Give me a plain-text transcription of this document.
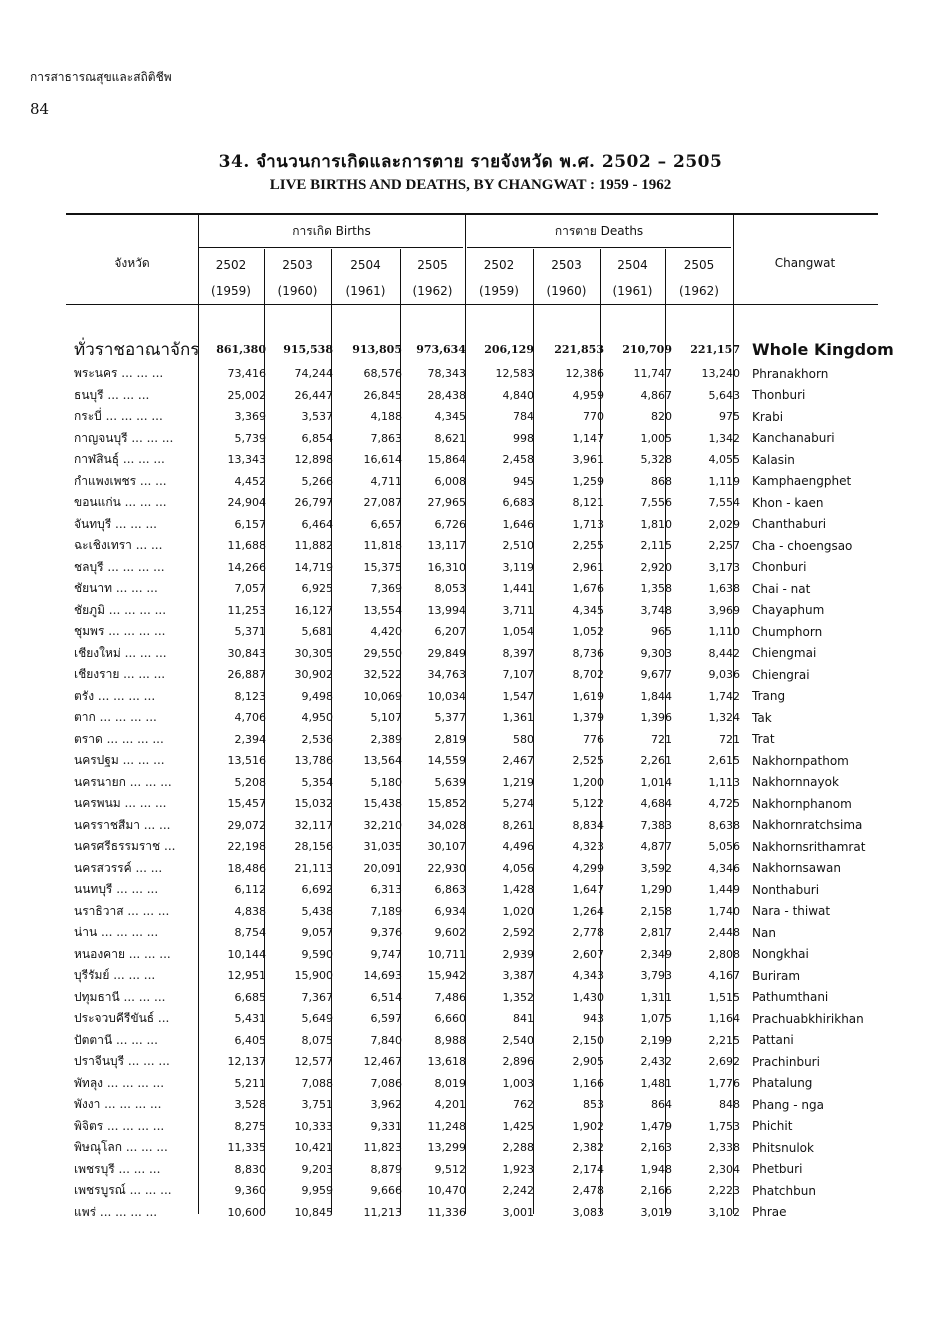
การสาธารณสุขและสถิติชีพ
84
34. จำนวนการเกิดและการตาย รายจังหวัด พ.ศ. 2502 – 2505
LIVE BIRTHS AND DEATHS, BY CHANGWAT : 1959 - 1962
จังหวัด	Changwat
การเกิด Births	การตาย Deaths
2502	2503	2504	2505	2502	2503	2504	2505
(1959)	(1960)	(1961)	(1962)	(1959)	(1960)	(1961)	(1962)
ทั่วราชอาณาจักร	861,380	915,538	913,805	973,634	206,129	221,853	210,709	221,157	Whole Kingdom
พระนคร ... ... ...	73,416	74,244	68,576	78,343	12,583	12,386	11,747	13,240	Phranakhorn
ธนบุรี ... ... ...	25,002	26,447	26,845	28,438	4,840	4,959	4,867	5,643	Thonburi
กระบี่ ... ... ... ...	3,369	3,537	4,188	4,345	784	770	820	975	Krabi
กาญจนบุรี ... ... ...	5,739	6,854	7,863	8,621	998	1,147	1,005	1,342	Kanchanaburi
กาฬสินธุ์ ... ... ...	13,343	12,898	16,614	15,864	2,458	3,961	5,328	4,055	Kalasin
กำแพงเพชร ... ...	4,452	5,266	4,711	6,008	945	1,259	868	1,119	Kamphaengphet
ขอนแก่น ... ... ...	24,904	26,797	27,087	27,965	6,683	8,121	7,556	7,554	Khon - kaen
จันทบุรี ... ... ...	6,157	6,464	6,657	6,726	1,646	1,713	1,810	2,029	Chanthaburi
ฉะเชิงเทรา ... ...	11,688	11,882	11,818	13,117	2,510	2,255	2,115	2,257	Cha - choengsao
ชลบุรี ... ... ... ...	14,266	14,719	15,375	16,310	3,119	2,961	2,920	3,173	Chonburi
ชัยนาท ... ... ...	7,057	6,925	7,369	8,053	1,441	1,676	1,358	1,638	Chai - nat
ชัยภูมิ ... ... ... ...	11,253	16,127	13,554	13,994	3,711	4,345	3,748	3,969	Chayaphum
ชุมพร ... ... ... ...	5,371	5,681	4,420	6,207	1,054	1,052	965	1,110	Chumphorn
เชียงใหม่ ... ... ...	30,843	30,305	29,550	29,849	8,397	8,736	9,303	8,442	Chiengmai
เชียงราย ... ... ...	26,887	30,902	32,522	34,763	7,107	8,702	9,677	9,036	Chiengrai
ตรัง ... ... ... ...	8,123	9,498	10,069	10,034	1,547	1,619	1,844	1,742	Trang
ตาก ... ... ... ...	4,706	4,950	5,107	5,377	1,361	1,379	1,396	1,324	Tak
ตราด ... ... ... ...	2,394	2,536	2,389	2,819	580	776	721	721	Trat
นครปฐม ... ... ...	13,516	13,786	13,564	14,559	2,467	2,525	2,261	2,615	Nakhornpathom
นครนายก ... ... ...	5,208	5,354	5,180	5,639	1,219	1,200	1,014	1,113	Nakhornnayok
นครพนม ... ... ...	15,457	15,032	15,438	15,852	5,274	5,122	4,684	4,725	Nakhornphanom
นครราชสีมา ... ...	29,072	32,117	32,210	34,028	8,261	8,834	7,383	8,638	Nakhornratchsima
นครศรีธรรมราช ...	22,198	28,156	31,035	30,107	4,496	4,323	4,877	5,056	Nakhornsrithamrat
นครสวรรค์ ... ...	18,486	21,113	20,091	22,930	4,056	4,299	3,592	4,346	Nakhornsawan
นนทบุรี ... ... ...	6,112	6,692	6,313	6,863	1,428	1,647	1,290	1,449	Nonthaburi
นราธิวาส ... ... ...	4,838	5,438	7,189	6,934	1,020	1,264	2,158	1,740	Nara - thiwat
น่าน ... ... ... ...	8,754	9,057	9,376	9,602	2,592	2,778	2,817	2,448	Nan
หนองคาย ... ... ...	10,144	9,590	9,747	10,711	2,939	2,607	2,349	2,808	Nongkhai
บุรีรัมย์ ... ... ...	12,951	15,900	14,693	15,942	3,387	4,343	3,793	4,167	Buriram
ปทุมธานี ... ... ...	6,685	7,367	6,514	7,486	1,352	1,430	1,311	1,515	Pathumthani
ประจวบคีรีขันธ์ ...	5,431	5,649	6,597	6,660	841	943	1,075	1,164	Prachuabkhirikhan
ปัตตานี ... ... ...	6,405	8,075	7,840	8,988	2,540	2,150	2,199	2,215	Pattani
ปราจีนบุรี ... ... ...	12,137	12,577	12,467	13,618	2,896	2,905	2,432	2,692	Prachinburi
พัทลุง ... ... ... ...	5,211	7,088	7,086	8,019	1,003	1,166	1,481	1,776	Phatalung
พังงา ... ... ... ...	3,528	3,751	3,962	4,201	762	853	864	848	Phang - nga
พิจิตร ... ... ... ...	8,275	10,333	9,331	11,248	1,425	1,902	1,479	1,753	Phichit
พิษณุโลก ... ... ...	11,335	10,421	11,823	13,299	2,288	2,382	2,163	2,338	Phitsnulok
เพชรบุรี ... ... ...	8,830	9,203	8,879	9,512	1,923	2,174	1,948	2,304	Phetburi
เพชรบูรณ์ ... ... ...	9,360	9,959	9,666	10,470	2,242	2,478	2,166	2,223	Phatchbun
แพร่ ... ... ... ...	10,600	10,845	11,213	11,336	3,001	3,083	3,019	3,102	Phrae
